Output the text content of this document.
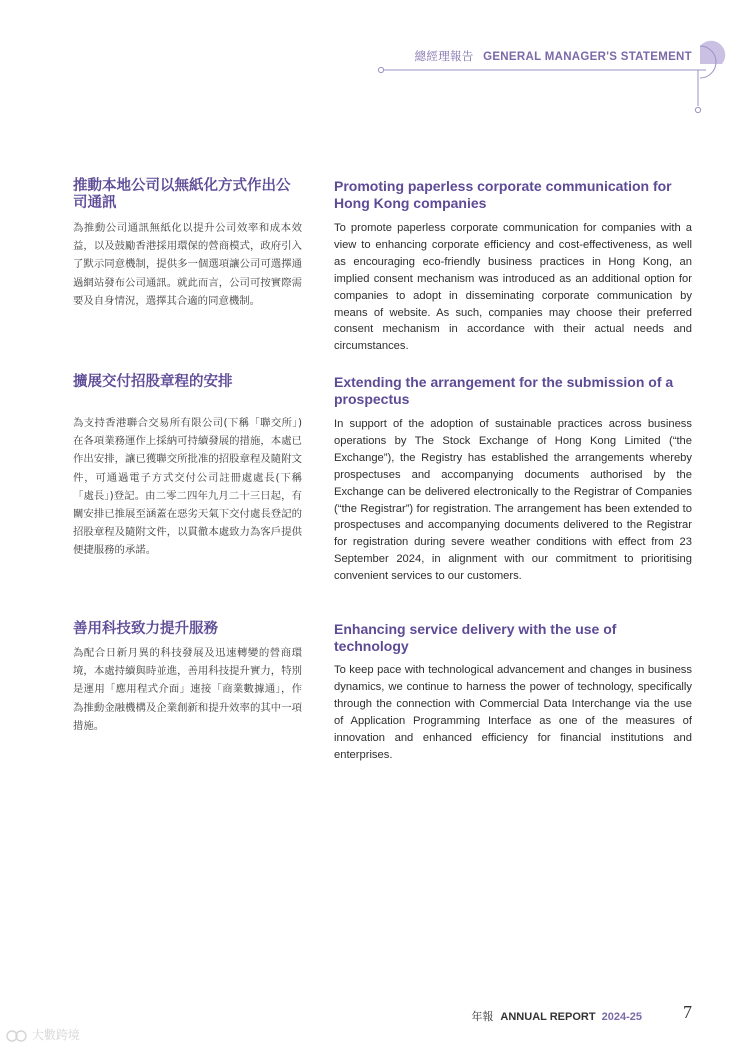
總經理報告 GENERAL MANAGER'S STATEMENT
推動本地公司以無紙化方式作出公司通訊

為推動公司通訊無紙化以提升公司效率和成本效益，以及鼓勵香港採用環保的營商模式，政府引入了默示同意機制，提供多一個選項讓公司可選擇通過網站發布公司通訊。就此而言，公司可按實際需要及自身情況，選擇其合適的同意機制。

Promoting paperless corporate communication for Hong Kong companies

To promote paperless corporate communication for companies with a view to enhancing corporate efficiency and cost-effectiveness, as well as encouraging eco-friendly business practices in Hong Kong, an implied consent mechanism was introduced as an additional option for companies to adopt in disseminating corporate communication by means of website. As such, companies may choose their preferred consent mechanism in accordance with their actual needs and circumstances.

擴展交付招股章程的安排

為支持香港聯合交易所有限公司(下稱「聯交所」)在各項業務運作上採納可持續發展的措施，本處已作出安排，讓已獲聯交所批准的招股章程及隨附文件，可通過電子方式交付公司註冊處處長(下稱「處長」)登記。由二零二四年九月二十三日起，有關安排已推展至涵蓋在惡劣天氣下交付處長登記的招股章程及隨附文件，以貫徹本處致力為客戶提供便捷服務的承諾。

Extending the arrangement for the submission of a prospectus

In support of the adoption of sustainable practices across business operations by The Stock Exchange of Hong Kong Limited (“the Exchange”), the Registry has established the arrangements whereby prospectuses and accompanying documents authorised by the Exchange can be delivered electronically to the Registrar of Companies (“the Registrar”) for registration. The arrangement has been extended to prospectuses and accompanying documents delivered to the Registrar for registration during severe weather conditions with effect from 23 September 2024, in alignment with our commitment to prioritising convenient services to our customers.

善用科技致力提升服務

為配合日新月異的科技發展及迅速轉變的營商環境，本處持續與時並進，善用科技提升實力，特別是運用「應用程式介面」連接「商業數據通」，作為推動金融機構及企業創新和提升效率的其中一項措施。

Enhancing service delivery with the use of technology

To keep pace with technological advancement and changes in business dynamics, we continue to harness the power of technology, specifically through the connection with Commercial Data Interchange via the use of Application Programming Interface as one of the measures of innovation and enhanced efficiency for financial institutions and enterprises.

年報 ANNUAL REPORT 2024-25 7
大數跨境
